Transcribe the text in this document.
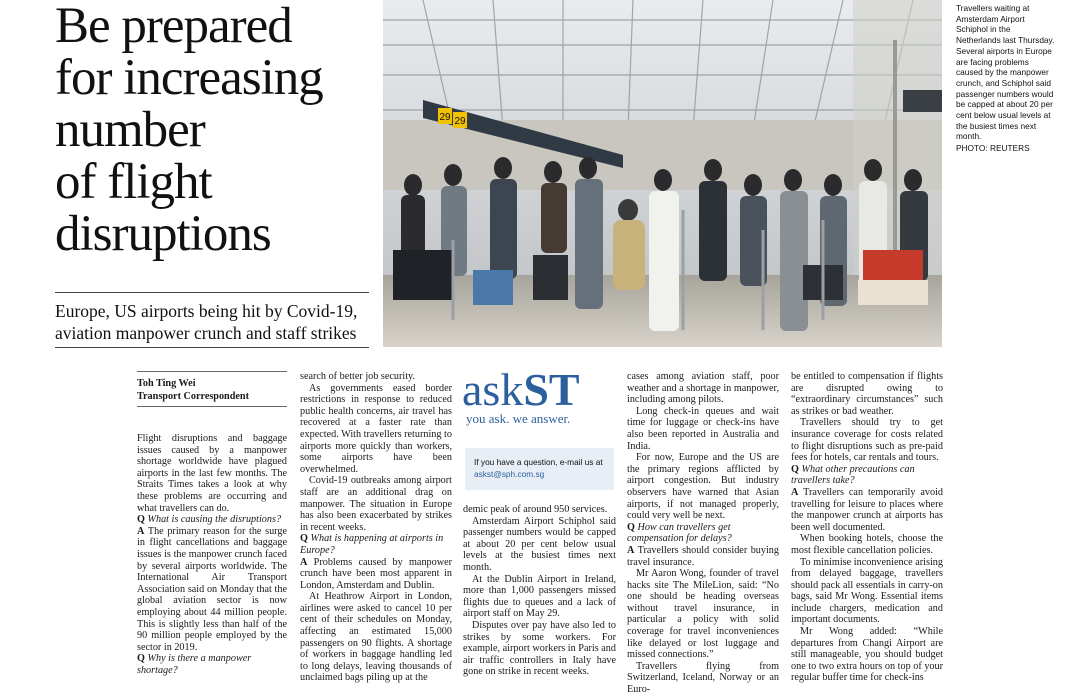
Be prepared
for increasing
number
of flight
disruptions
29 29
Travellers waiting at Amsterdam Airport Schiphol in the Netherlands last Thursday. Several airports in Europe are facing problems caused by the manpower crunch, and Schiphol said passenger numbers would be capped at about 20 per cent below usual levels at the busiest times next month.
PHOTO: REUTERS
Europe, US airports being hit by Covid-19,
aviation manpower crunch and staff strikes
Toh Ting Wei
Transport Correspondent

Flight disruptions and baggage issues caused by a manpower shortage worldwide have plagued airports in the last few months. The Straits Times takes a look at why these problems are occurring and what travellers can do.

Q What is causing the disruptions?

A The primary reason for the surge in flight cancellations and baggage issues is the manpower crunch faced by several airports worldwide. The International Air Transport Association said on Monday that the global aviation sector is now employing about 44 million people. This is slightly less than half of the 90 million people employed by the sector in 2019.

Q Why is there a manpower shortage?

search of better job security.

As governments eased border restrictions in response to reduced public health concerns, air travel has recovered at a faster rate than expected. With travellers returning to airports more quickly than workers, some airports have been overwhelmed.

Covid-19 outbreaks among airport staff are an additional drag on manpower. The situation in Europe has also been exacerbated by strikes in recent weeks.

Q What is happening at airports in Europe?

A Problems caused by manpower crunch have been most apparent in London, Amsterdam and Dublin.

At Heathrow Airport in London, airlines were asked to cancel 10 per cent of their schedules on Monday, affecting an estimated 15,000 passengers on 90 flights. A shortage of workers in baggage handling led to long delays, leaving thousands of unclaimed bags piling up at the

askST
you ask. we answer.
If you have a question, e-mail us at askst@sph.com.sg

demic peak of around 950 services.

Amsterdam Airport Schiphol said passenger numbers would be capped at about 20 per cent below usual levels at the busiest times next month.

At the Dublin Airport in Ireland, more than 1,000 passengers missed flights due to queues and a lack of airport staff on May 29.

Disputes over pay have also led to strikes by some workers. For example, airport workers in Paris and air traffic controllers in Italy have gone on strike in recent weeks.

cases among aviation staff, poor weather and a shortage in manpower, including among pilots.

Long check-in queues and wait time for luggage or check-ins have also been reported in Australia and India.

For now, Europe and the US are the primary regions afflicted by airport congestion. But industry observers have warned that Asian airports, if not managed properly, could very well be next.

Q How can travellers get compensation for delays?

A Travellers should consider buying travel insurance.

Mr Aaron Wong, founder of travel hacks site The MileLion, said: “No one should be heading overseas without travel insurance, in particular a policy with solid coverage for travel inconveniences like delayed or lost luggage and missed connections.”

Travellers flying from Switzerland, Iceland, Norway or an Euro-

be entitled to compensation if flights are disrupted owing to “extraordinary circumstances” such as strikes or bad weather.

Travellers should try to get insurance coverage for costs related to flight disruptions such as pre-paid fees for hotels, car rentals and tours.

Q What other precautions can travellers take?

A Travellers can temporarily avoid travelling for leisure to places where the manpower crunch at airports has been well documented.

When booking hotels, choose the most flexible cancellation policies.

To minimise inconvenience arising from delayed baggage, travellers should pack all essentials in carry-on bags, said Mr Wong. Essential items include chargers, medication and important documents.

Mr Wong added: “While departures from Changi Airport are still manageable, you should budget one to two extra hours on top of your regular buffer time for check-ins
